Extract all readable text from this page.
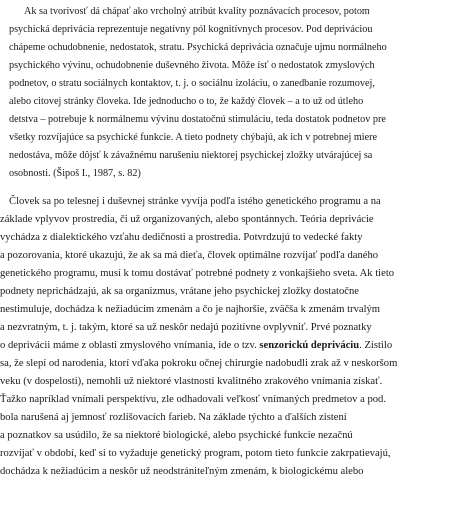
Ak sa tvorivosť dá chápať ako vrcholný atribút kvality poznávacích procesov, potom
psychická deprivácia reprezentuje negatívny pól kognitívnych procesov. Pod depriváciou
chápeme ochudobnenie, nedostatok, stratu. Psychická deprivácia označuje ujmu normálneho
psychického vývinu, ochudobnenie duševného života. Môže ísť o nedostatok zmyslových
podnetov, o stratu sociálnych kontaktov, t. j. o sociálnu izoláciu, o zanedbanie rozumovej,
alebo citovej stránky človeka. Ide jednoducho o to, že každý človek – a to už od útleho
detstva – potrebuje k normálnemu vývinu dostatočnú stimuláciu, teda dostatok podnetov pre
všetky rozvíjajúce sa psychické funkcie. A tieto podnety chýbajú, ak ich v potrebnej miere
nedostáva, môže dôjsť k závažnému narušeniu niektorej psychickej zložky utvárajúcej sa
osobnosti. (Šipoš I., 1987, s. 82)
Človek sa po telesnej i duševnej stránke vyvíja podľa istého genetického programu a na
základe vplyvov prostredia, či už organizovaných, alebo spontánnych. Teória deprivácie
vychádza z dialektického vzťahu dedičnosti a prostredia. Potvrdzujú to vedecké fakty
a pozorovania, ktoré ukazujú, že ak sa má dieťa, človek optimálne rozvíjať podľa daného
genetického programu, musí k tomu dostávať potrebné podnety z vonkajšieho sveta. Ak tieto
podnety neprichádzajú, ak sa organizmus, vrátane jeho psychickej zložky dostatočne
nestimuluje, dochádza k nežiadúcim zmenám a čo je najhoršie, zväčša k zmenám trvalým
a nezvratným, t. j. takým, ktoré sa už neskôr nedajú pozitívne ovplyvniť. Prvé poznatky
o deprivácii máme z oblasti zmyslového vnímania, ide o tzv. senzorickú depriváciu. Zistilo
sa, že slepí od narodenia, ktorí vďaka pokroku očnej chirurgie nadobudli zrak až v neskoršom
veku (v dospelosti), nemohli už niektoré vlastnosti kvalitného zrakového vnímania získať.
Ťažko napríklad vnímali perspektívu, zle odhadovali veľkosť vnímaných predmetov a pod.
bola narušená aj jemnosť rozlišovacích farieb. Na základe týchto a ďalších zistení
a poznatkov sa usúdilo, že sa niektoré biologické, alebo psychické funkcie nezačnú
rozvíjať v období, keď si to vyžaduje genetický program, potom tieto funkcie zakrpatievajú,
dochádza k nežiadúcim a neskôr už neodstrániteľným zmenám, k biologickému alebo
